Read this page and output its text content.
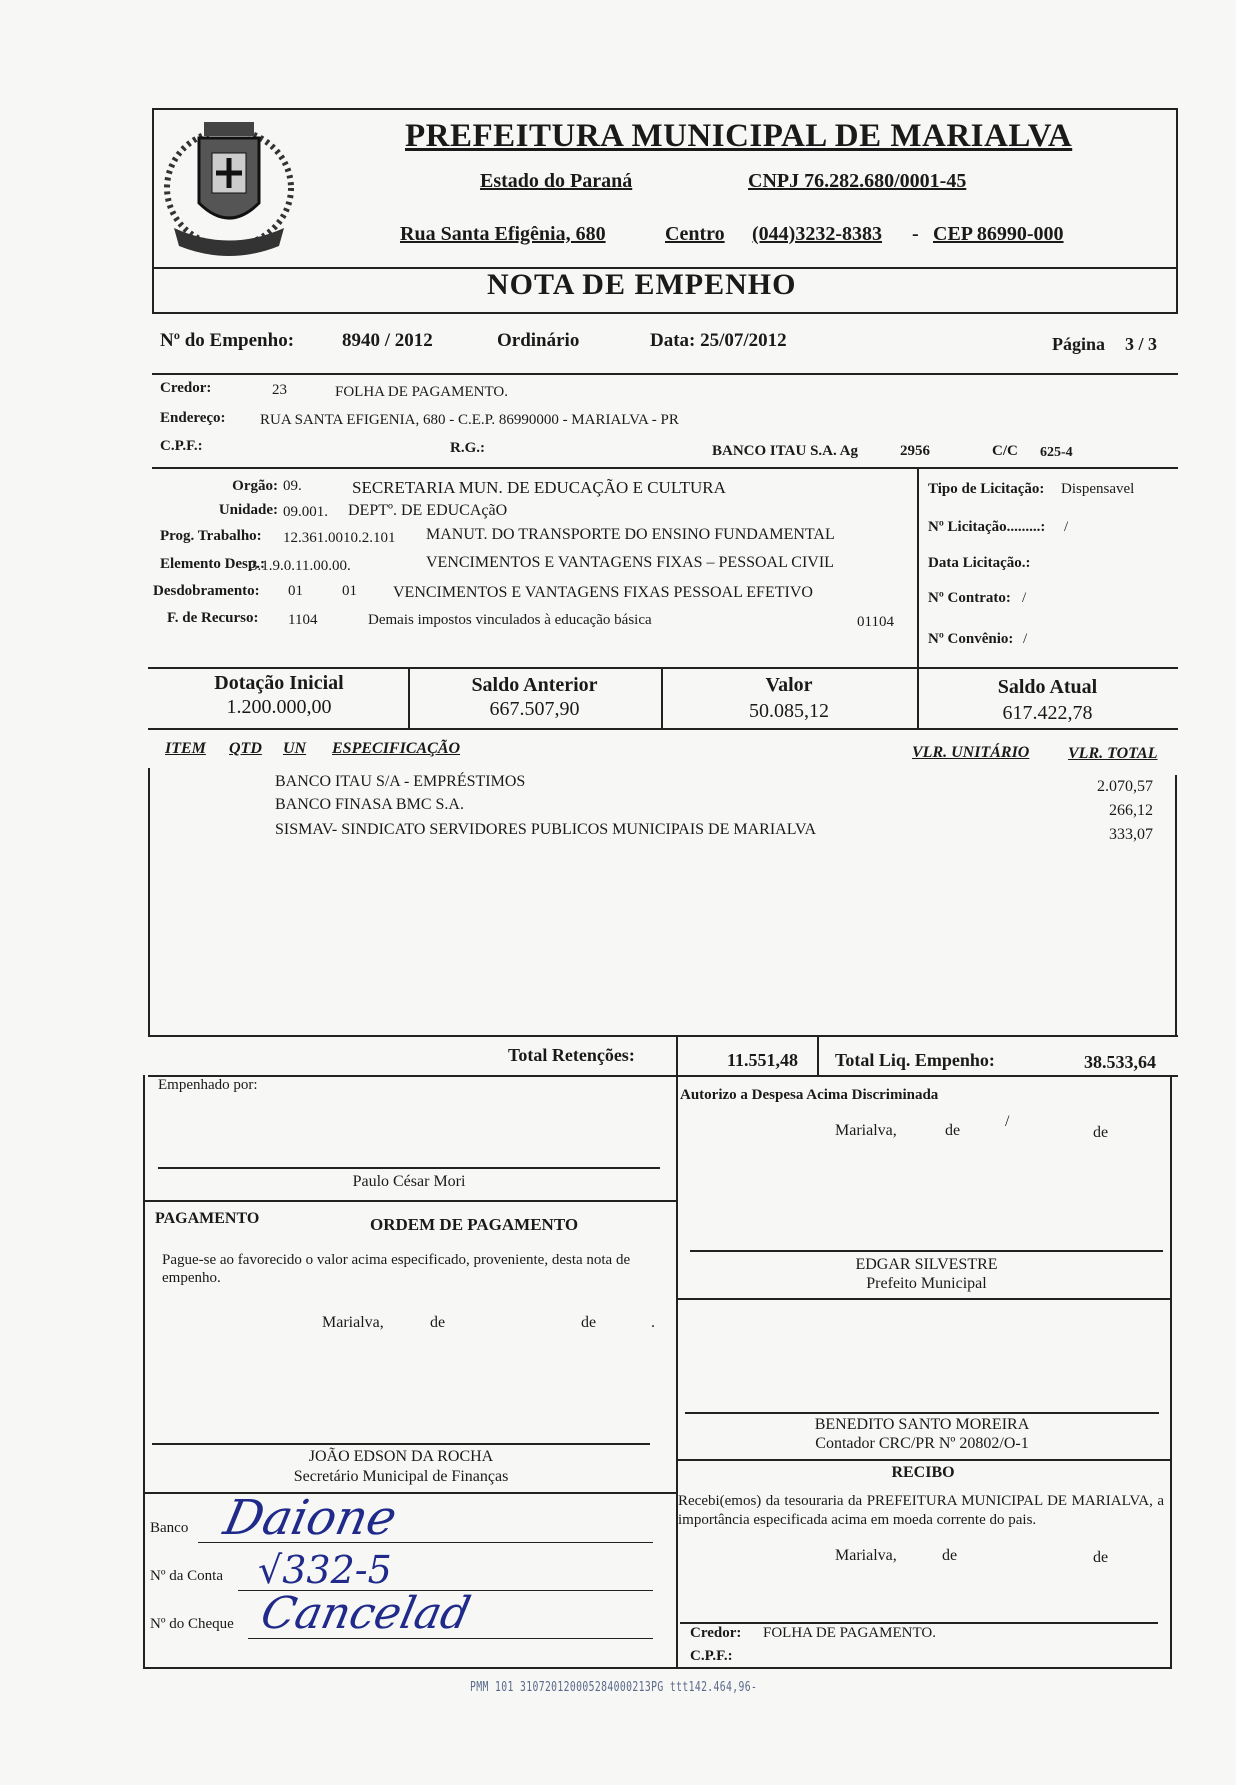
PREFEITURA MUNICIPAL DE MARIALVA
Estado do Paraná	CNPJ 76.282.680/0001-45
Rua Santa Efigênia, 680	Centro (044)3232-8383 - CEP 86990-000
NOTA DE EMPENHO
Nº do Empenho:	8940 / 2012	Ordinário	Data: 25/07/2012	Página 3 / 3
Credor:	23	FOLHA DE PAGAMENTO.
Endereço: RUA SANTA EFIGENIA, 680 - C.E.P. 86990000 - MARIALVA - PR
C.P.F.:	R.G.:	BANCO ITAU S.A. Ag	2956	C/C 625-4
Orgão: 09.	SECRETARIA MUN. DE EDUCAÇÃO E CULTURA
Unidade: 09.001. DEPTº. DE EDUCAçãO
Prog. Trabalho: 12.361.0010.2.101 MANUT. DO TRANSPORTE DO ENSINO FUNDAMENTAL
Elemento Desp.:
3.1.9.0.11.00.00.	VENCIMENTOS E VANTAGENS FIXAS – PESSOAL CIVIL
Desdobramento: 01	01 VENCIMENTOS E VANTAGENS FIXAS PESSOAL EFETIVO
F. de Recurso: 1104	Demais impostos vinculados à educação básica	01104
Tipo de Licitação: Dispensavel
Nº Licitação.........: /
Data Licitação.:
Nº Contrato: /
Nº Convênio: /
Dotação Inicial
1.200.000,00
Saldo Anterior
667.507,90
Valor
50.085,12
Saldo Atual
617.422,78
ITEM QTD UN ESPECIFICAÇÃO	VLR. UNITÁRIO VLR. TOTAL
BANCO ITAU S/A - EMPRÉSTIMOS	2.070,57
BANCO FINASA BMC S.A.	266,12
SISMAV- SINDICATO SERVIDORES PUBLICOS MUNICIPAIS DE MARIALVA	333,07
Total Retenções:	11.551,48 Total Liq. Empenho:	38.533,64
Empenhado por:
Paulo César Mori
PAGAMENTO	ORDEM DE PAGAMENTO
Pague-se ao favorecido o valor acima especificado, proveniente, desta nota de empenho.
Marialva,	de	de	.
JOÃO EDSON DA ROCHA
Secretário Municipal de Finanças
Banco Daione
Nº da Conta √332-5
Nº do Cheque Cancelad
Autorizo a Despesa Acima Discriminada
Marialva,	de
/
de
EDGAR SILVESTRE
Prefeito Municipal
BENEDITO SANTO MOREIRA
Contador CRC/PR Nº 20802/O-1
RECIBO
Recebi(emos) da tesouraria da PREFEITURA MUNICIPAL DE MARIALVA, a importância especificada acima em moeda corrente do pais.
Marialva,	de	de
Credor: FOLHA DE PAGAMENTO.
C.P.F.:
PMM 101 310720120005284000213PG ttt142.464,96-
